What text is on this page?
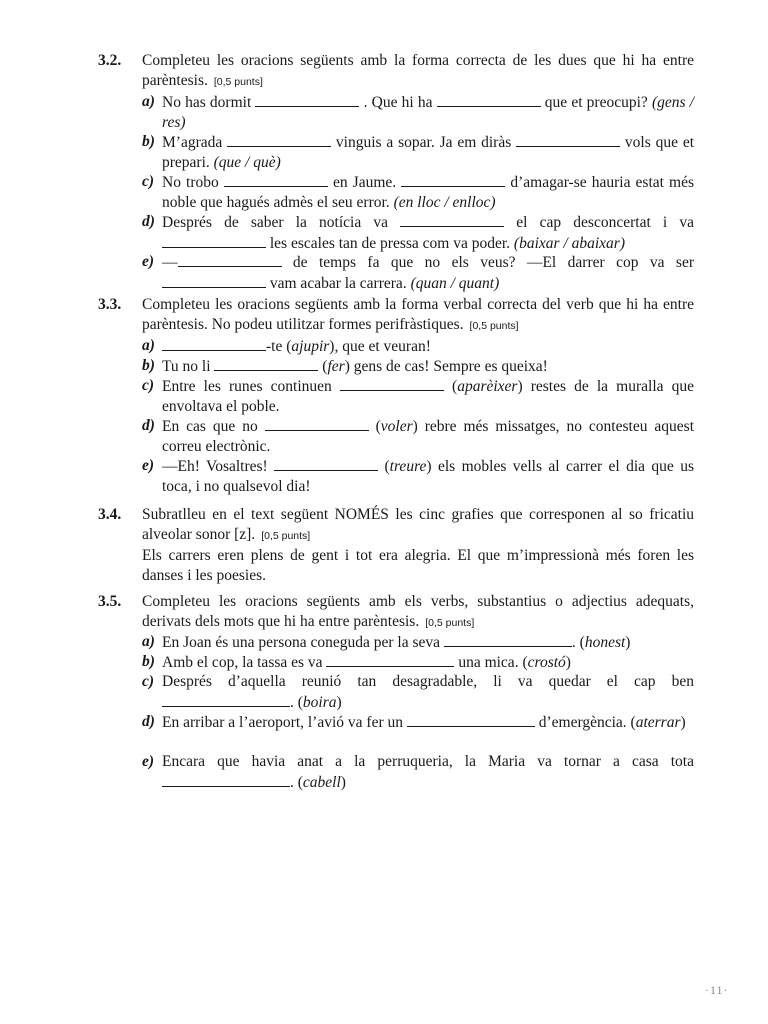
3.2. Completeu les oracions següents amb la forma correcta de les dues que hi ha entre parèntesis. [0,5 punts]
a) No has dormit	. Que hi ha	que et preocupi? (gens / res)
b) M’agrada	vinguis a sopar. Ja em diràs	vols que et prepari. (que / què)
c) No trobo	en Jaume.	d’amagar-se hauria estat més noble que hagués admès el seu error. (en lloc / enlloc)
d) Després de saber la notícia va	el cap desconcertat i va  les escales tan de pressa com va poder. (baixar / abaixar)
e) —	de temps fa que no els veus? —El darrer cop va ser  vam acabar la carrera. (quan / quant)
3.3. Completeu les oracions següents amb la forma verbal correcta del verb que hi ha entre parèntesis. No podeu utilitzar formes perifràstiques. [0,5 punts]
a)	-te (ajupir), que et veuran!
b) Tu no li	(fer) gens de cas! Sempre es queixa!
c) Entre les runes continuen	(aparèixer) restes de la muralla que envoltava el poble.
d) En cas que no	(voler) rebre més missatges, no contesteu aquest correu electrònic.
e) —Eh! Vosaltres!	(treure) els mobles vells al carrer el dia que us toca, i no qualsevol dia!
3.4. Subratlleu en el text següent NOMÉS les cinc grafies que corresponen al so fricatiu alveolar sonor [z]. [0,5 punts]
Els carrers eren plens de gent i tot era alegria. El que m’impressionà més foren les danses i les poesies.
3.5. Completeu les oracions següents amb els verbs, substantius o adjectius adequats, derivats dels mots que hi ha entre parèntesis. [0,5 punts]
a) En Joan és una persona coneguda per la seva	. (honest)
b) Amb el cop, la tassa es va	una mica. (crostó)
c) Després d’aquella reunió tan desagradable, li va quedar el cap ben . (boira)
d) En arribar a l’aeroport, l’avió va fer un	d’emergència. (aterrar)
e) Encara que havia anat a la perruqueria, la Maria va tornar a casa tota . (cabell)
·11·
